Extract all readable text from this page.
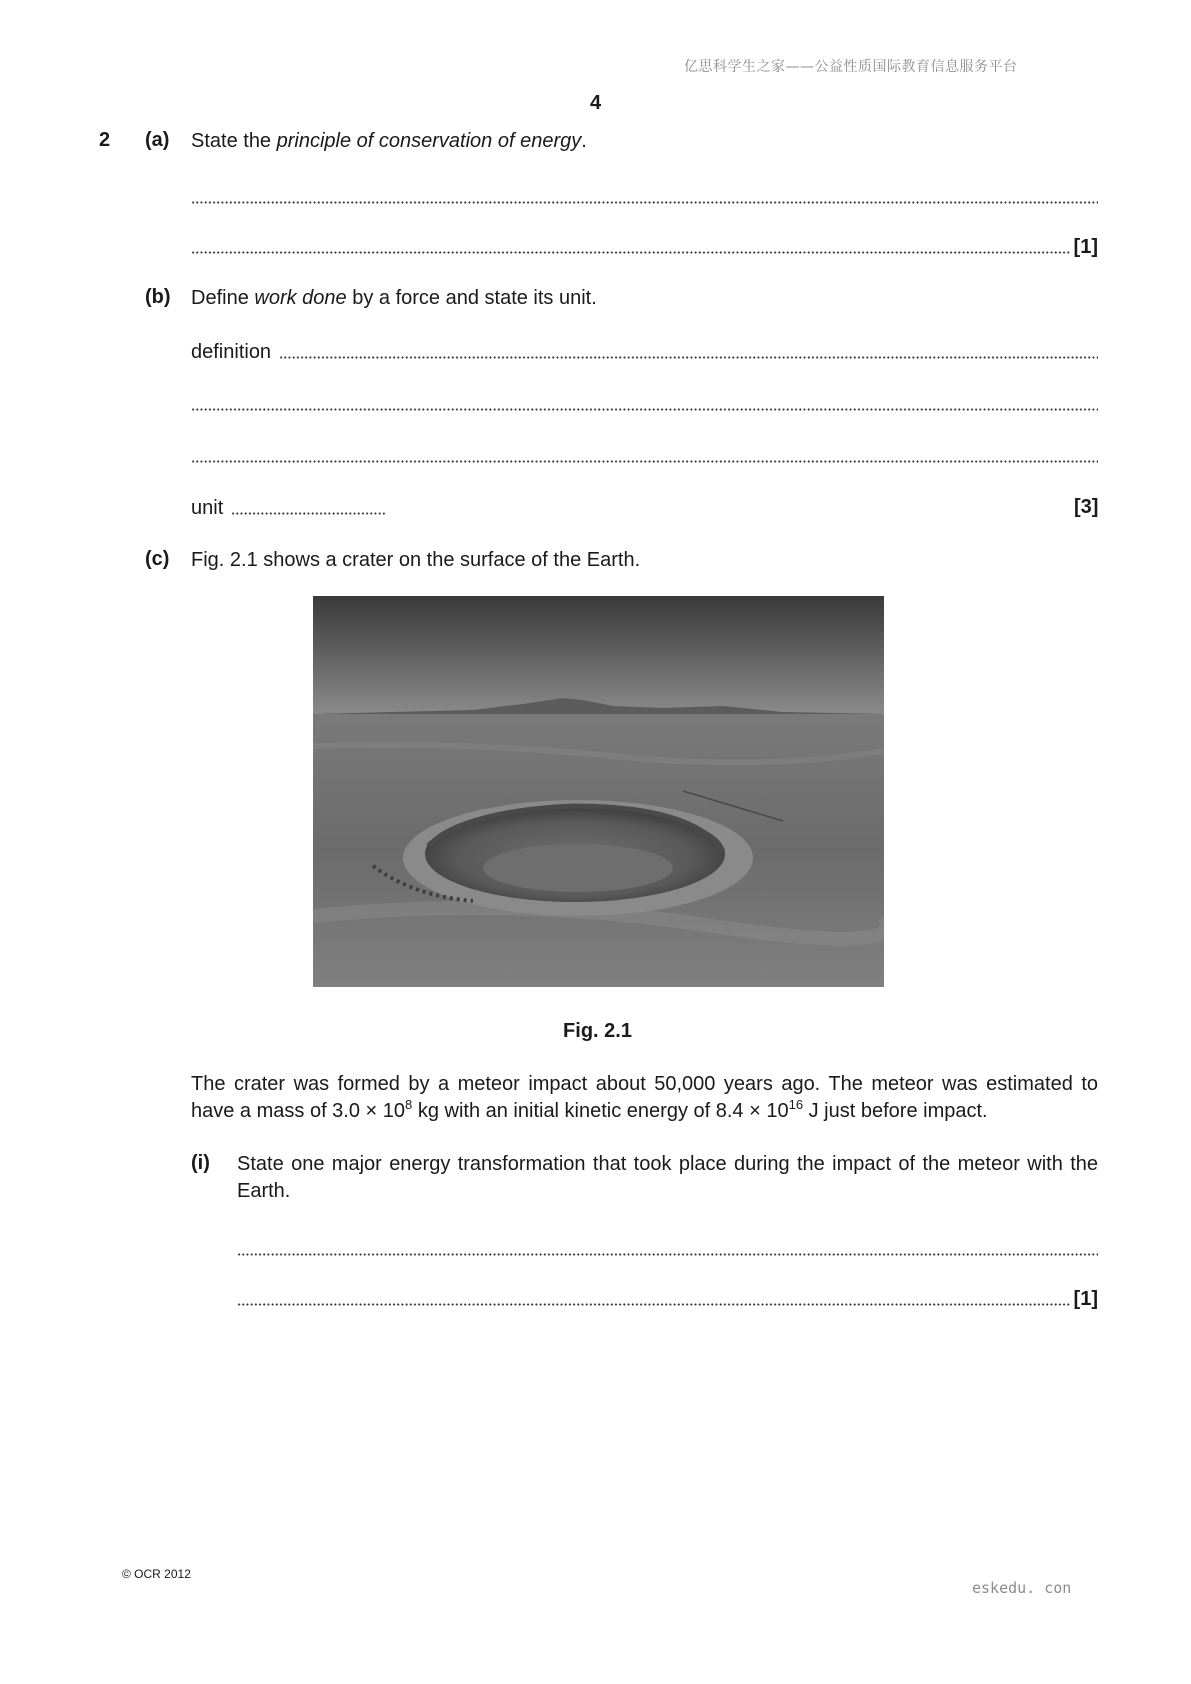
亿思科学生之家——公益性质国际教育信息服务平台
4
2 (a) State the principle of conservation of energy.
[1]
(b) Define work done by a force and state its unit.
definition
unit	[3]
(c) Fig. 2.1 shows a crater on the surface of the Earth.
Fig. 2.1
The crater was formed by a meteor impact about 50,000 years ago. The meteor was estimated to have a mass of $3.0 \times 10^8$ kg with an initial kinetic energy of $8.4 \times 10^{16}$ J just before impact.
(i) State one major energy transformation that took place during the impact of the meteor with the Earth.
[1]
© OCR 2012
eskedu. con
